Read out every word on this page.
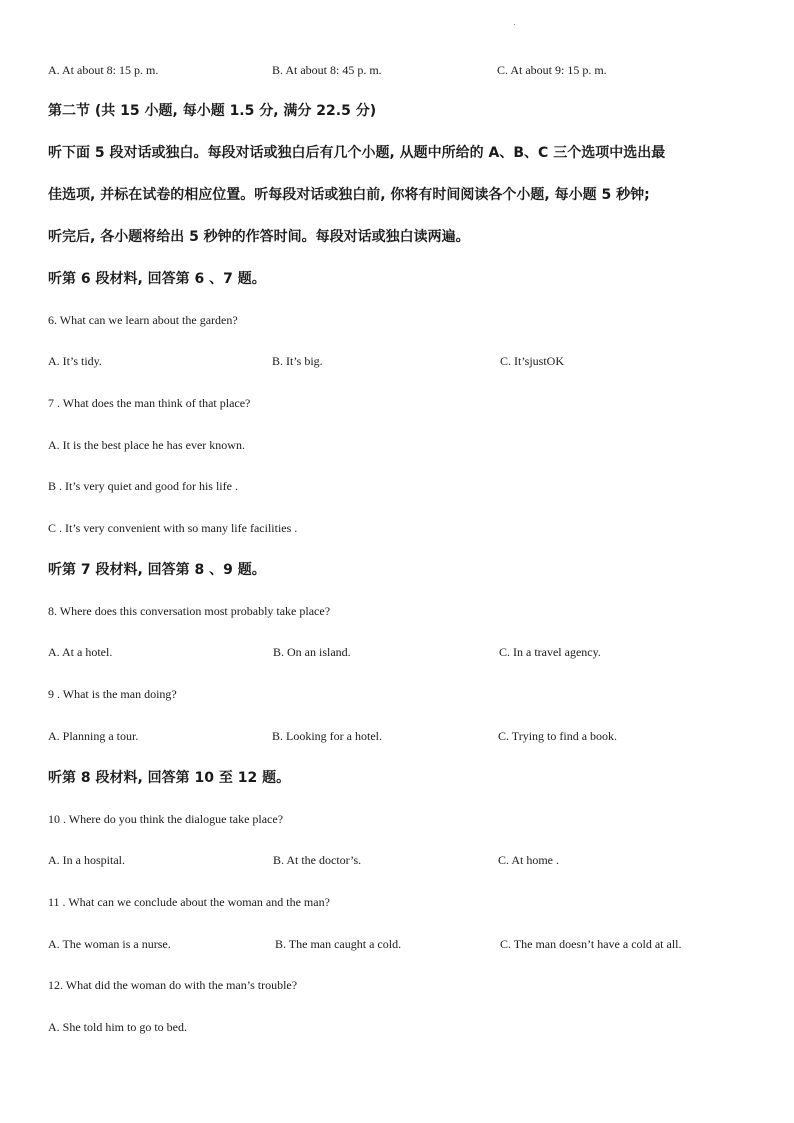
A. At about 8: 15 p. m.	B. At about 8: 45 p. m.	C. At about 9: 15 p. m.
第二节 (共 15 小题, 每小题 1.5 分, 满分 22.5 分)
听下面 5 段对话或独白。每段对话或独白后有几个小题, 从题中所给的 A、B、C 三个选项中选出最
佳选项, 并标在试卷的相应位置。听每段对话或独白前, 你将有时间阅读各个小题, 每小题 5 秒钟;
听完后, 各小题将给出 5 秒钟的作答时间。每段对话或独白读两遍。
听第 6 段材料, 回答第 6 、7 题。
6. What can we learn about the garden?
A. It’s tidy.	B. It’s big.	C. It’sjustOK
7 . What does the man think of that place?
A. It is the best place he has ever known.
B . It’s very quiet and good for his life .
C . It’s very convenient with so many life facilities .
听第 7 段材料, 回答第 8 、9 题。
8. Where does this conversation most probably take place?
A. At a hotel.	B. On an island.	C. In a travel agency.
9 . What is the man doing?
A. Planning a tour.	B. Looking for a hotel.	C. Trying to find a book.
听第 8 段材料, 回答第 10 至 12 题。
10 . Where do you think the dialogue take place?
A. In a hospital.	B. At the doctor’s.	C. At home .
11 . What can we conclude about the woman and the man?
A. The woman is a nurse.	B. The man caught a cold.	C. The man doesn’t have a cold at all.
12. What did the woman do with the man’s trouble?
A. She told him to go to bed.
